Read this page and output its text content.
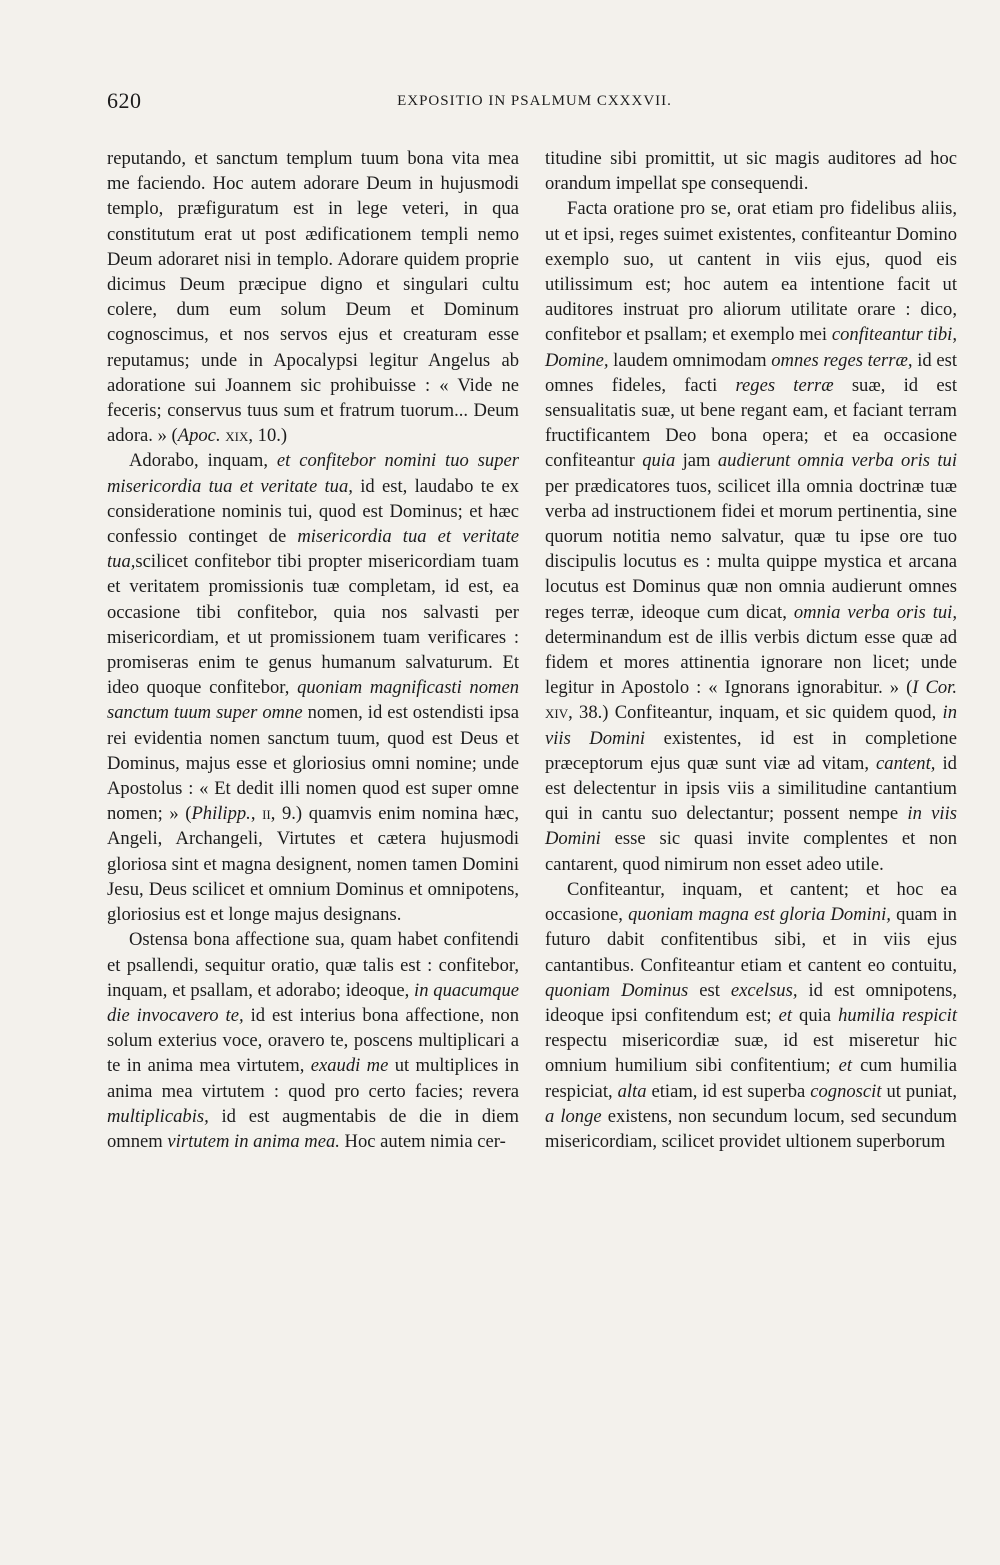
620	EXPOSITIO IN PSALMUM CXXXVII.

reputando, et sanctum templum tuum bona vita mea me faciendo. Hoc autem adorare Deum in hujusmodi templo, præfiguratum est in lege veteri, in qua constitutum erat ut post ædificationem templi nemo Deum adoraret nisi in templo. Adorare quidem proprie dicimus Deum præcipue digno et singulari cultu colere, dum eum solum Deum et Dominum cognoscimus, et nos servos ejus et creaturam esse reputamus; unde in Apocalypsi legitur Angelus ab adoratione sui Joannem sic prohibuisse : « Vide ne feceris; conservus tuus sum et fratrum tuorum... Deum adora. » (Apoc. xix, 10.)

Adorabo, inquam, et confitebor nomini tuo super misericordia tua et veritate tua, id est, laudabo te ex consideratione nominis tui, quod est Dominus; et hæc confessio continget de misericordia tua et veritate tua,scilicet confitebor tibi propter misericordiam tuam et veritatem promissionis tuæ completam, id est, ea occasione tibi confitebor, quia nos salvasti per misericordiam, et ut promissionem tuam verificares : promiseras enim te genus humanum salvaturum. Et ideo quoque confitebor, quoniam magnificasti nomen sanctum tuum super omne nomen, id est ostendisti ipsa rei evidentia nomen sanctum tuum, quod est Deus et Dominus, majus esse et gloriosius omni nomine; unde Apostolus : « Et dedit illi nomen quod est super omne nomen; » (Philipp., ii, 9.) quamvis enim nomina hæc, Angeli, Archangeli, Virtutes et cætera hujusmodi gloriosa sint et magna designent, nomen tamen Domini Jesu, Deus scilicet et omnium Dominus et omnipotens, gloriosius est et longe majus designans.

Ostensa bona affectione sua, quam habet confitendi et psallendi, sequitur oratio, quæ talis est : confitebor, inquam, et psallam, et adorabo; ideoque, in quacumque die invocavero te, id est interius bona affectione, non solum exterius voce, oravero te, poscens multiplicari a te in anima mea virtutem, exaudi me ut multiplices in anima mea virtutem : quod pro certo facies; revera multiplicabis, id est augmentabis de die in diem omnem virtutem in anima mea. Hoc autem nimia cer-

titudine sibi promittit, ut sic magis auditores ad hoc orandum impellat spe consequendi.

Facta oratione pro se, orat etiam pro fidelibus aliis, ut et ipsi, reges suimet existentes, confiteantur Domino exemplo suo, ut cantent in viis ejus, quod eis utilissimum est; hoc autem ea intentione facit ut auditores instruat pro aliorum utilitate orare : dico, confitebor et psallam; et exemplo mei confiteantur tibi, Domine, laudem omnimodam omnes reges terræ, id est omnes fideles, facti reges terræ suæ, id est sensualitatis suæ, ut bene regant eam, et faciant terram fructificantem Deo bona opera; et ea occasione confiteantur quia jam audierunt omnia verba oris tui per prædicatores tuos, scilicet illa omnia doctrinæ tuæ verba ad instructionem fidei et morum pertinentia, sine quorum notitia nemo salvatur, quæ tu ipse ore tuo discipulis locutus es : multa quippe mystica et arcana locutus est Dominus quæ non omnia audierunt omnes reges terræ, ideoque cum dicat, omnia verba oris tui, determinandum est de illis verbis dictum esse quæ ad fidem et mores attinentia ignorare non licet; unde legitur in Apostolo : « Ignorans ignorabitur. » (I Cor. xiv, 38.) Confiteantur, inquam, et sic quidem quod, in viis Domini existentes, id est in completione præceptorum ejus quæ sunt viæ ad vitam, cantent, id est delectentur in ipsis viis a similitudine cantantium qui in cantu suo delectantur; possent nempe in viis Domini esse sic quasi invite complentes et non cantarent, quod nimirum non esset adeo utile.

Confiteantur, inquam, et cantent; et hoc ea occasione, quoniam magna est gloria Domini, quam in futuro dabit confitentibus sibi, et in viis ejus cantantibus. Confiteantur etiam et cantent eo contuitu, quoniam Dominus est excelsus, id est omnipotens, ideoque ipsi confitendum est; et quia humilia respicit respectu misericordiæ suæ, id est miseretur hic omnium humilium sibi confitentium; et cum humilia respiciat, alta etiam, id est superba cognoscit ut puniat, a longe existens, non secundum locum, sed secundum misericordiam, scilicet providet ultionem superborum
